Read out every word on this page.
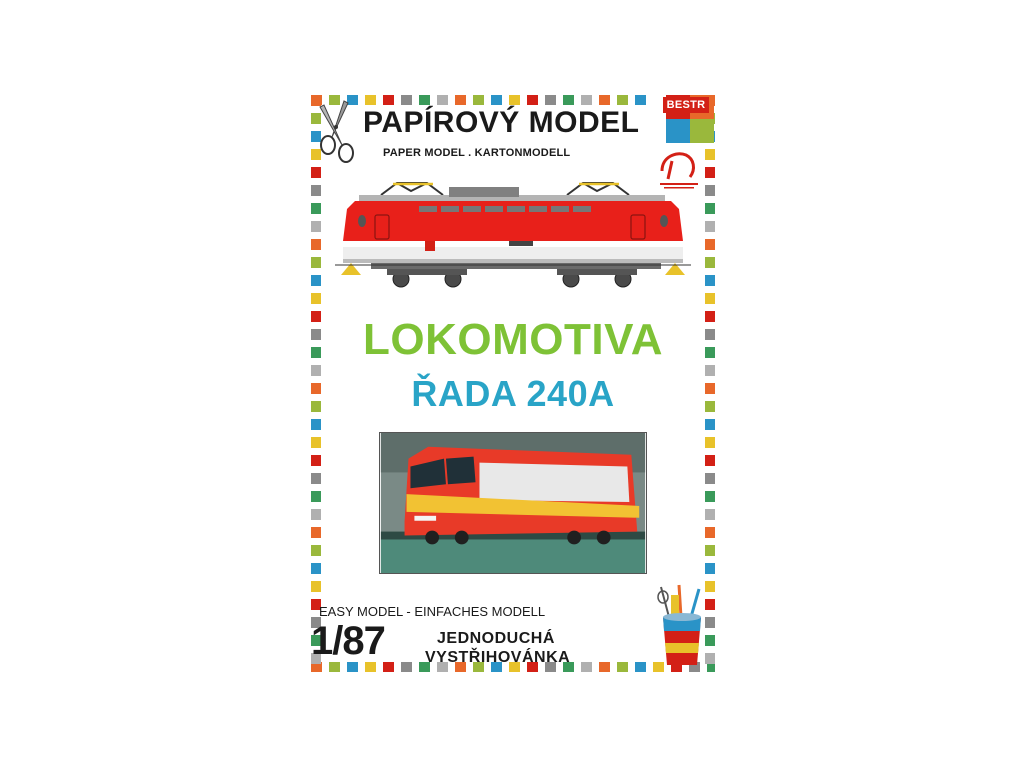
BESTR
PAPÍROVÝ MODEL
PAPER MODEL . KARTONMODELL
LOKOMOTIVA
ŘADA 240A
EASY MODEL - EINFACHES MODELL
1/87	JEDNODUCHÁ
VYSTŘIHOVÁNKA
